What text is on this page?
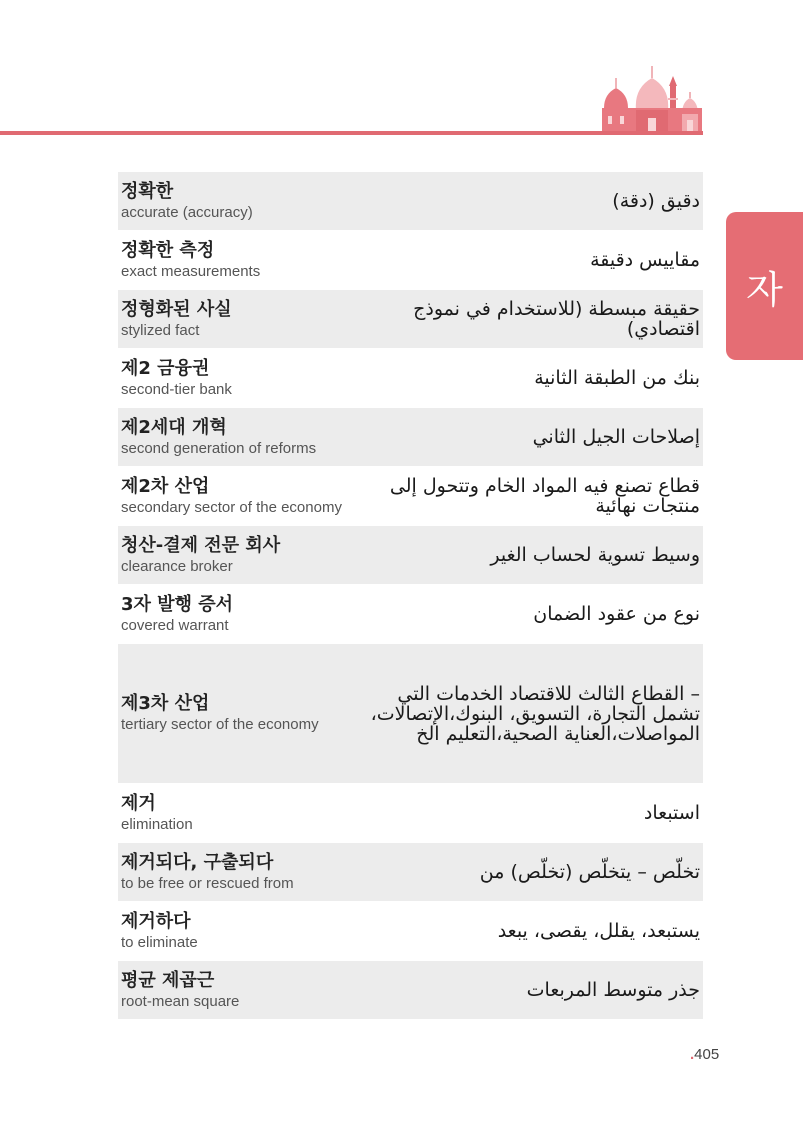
자
정확한
accurate (accuracy)	دقيق (دقة)
정확한 측정
exact measurements	مقاييس دقيقة
정형화된 사실
stylized fact
حقيقة مبسطة (للاستخدام في نموذج اقتصادي)
제2 금융권
second-tier bank	بنك من الطبقة الثانية
제2세대 개혁
second generation of reforms	إصلاحات الجيل الثاني
제2차 산업
secondary sector of the economy
قطاع تصنع فيه المواد الخام وتتحول إلى منتجات نهائية
청산-결제 전문 회사
clearance broker	وسيط تسوية لحساب الغير
3자 발행 증서
covered warrant	نوع من عقود الضمان
제3차 산업
tertiary sector of the economy
– القطاع الثالث للاقتصاد الخدمات التي تشمل التجارة، التسويق، البنوك،الإتصالات، المواصلات،العناية الصحية،التعليم الخ
제거
elimination	استبعاد
제거되다, 구출되다
to be free or rescued from	تخلّص – يتخلّص (تخلّص) من
제거하다
to eliminate	يستبعد، يقلل، يقصى، يبعد
평균 제곱근
root-mean square	جذر متوسط المربعات
.405
